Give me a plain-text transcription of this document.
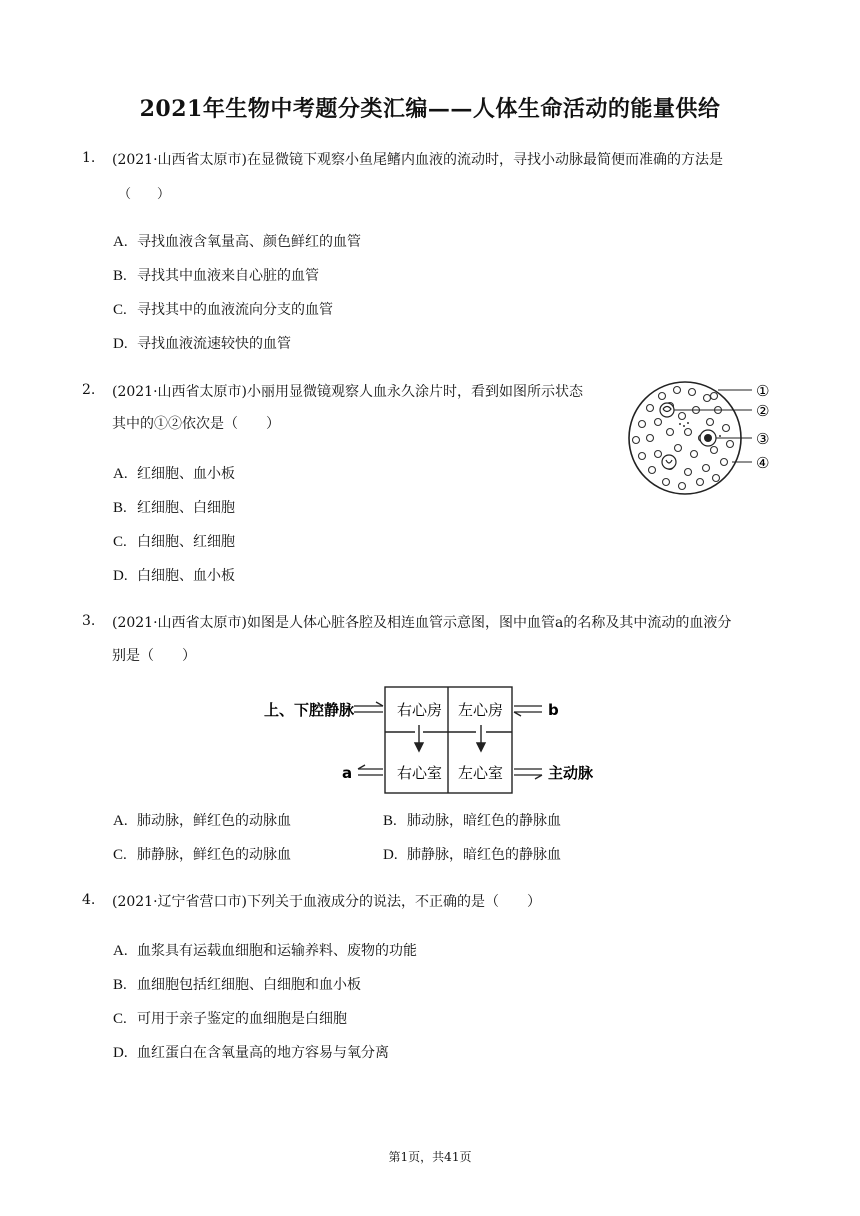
2021年生物中考题分类汇编——人体生命活动的能量供给
1. (2021·山西省太原市)在显微镜下观察小鱼尾鳍内血液的流动时，寻找小动脉最简便而准确的方法是
（　　）
A. 寻找血液含氧量高、颜色鲜红的血管
B. 寻找其中血液来自心脏的血管
C. 寻找其中的血液流向分支的血管
D. 寻找血液流速较快的血管
2. (2021·山西省太原市)小丽用显微镜观察人血永久涂片时，看到如图所示状态
其中的①②依次是（　　）
①
②
③
④
A. 红细胞、血小板
B. 红细胞、白细胞
C. 白细胞、红细胞
D. 白细胞、血小板
3. (2021·山西省太原市)如图是人体心脏各腔及相连血管示意图，图中血管a的名称及其中流动的血液分
别是（　　）
右心房 左心房
右心室 左心室
上、下腔静脉	b
a	主动脉
A. 肺动脉，鲜红色的动脉血	B. 肺动脉，暗红色的静脉血
C. 肺静脉，鲜红色的动脉血	D. 肺静脉，暗红色的静脉血
4. (2021·辽宁省营口市)下列关于血液成分的说法，不正确的是（　　）
A. 血浆具有运载血细胞和运输养料、废物的功能
B. 血细胞包括红细胞、白细胞和血小板
C. 可用于亲子鉴定的血细胞是白细胞
D. 血红蛋白在含氧量高的地方容易与氧分离
第1页，共41页
